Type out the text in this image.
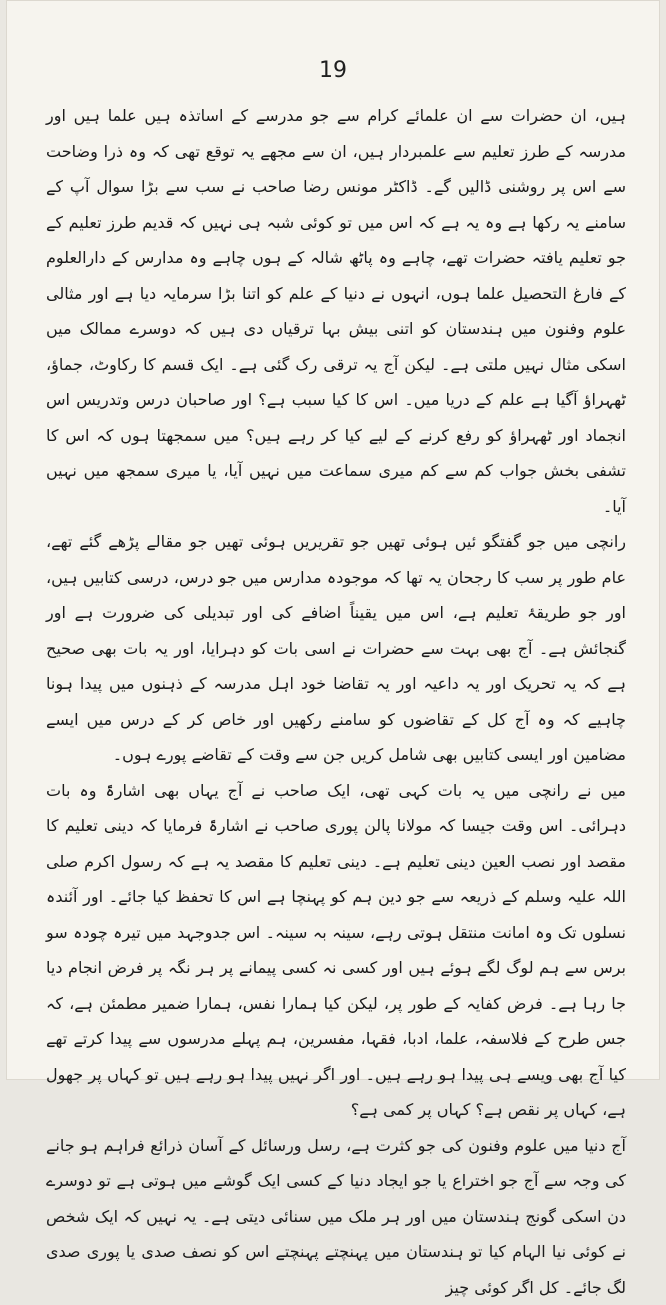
19

ہیں، ان حضرات سے ان علمائے کرام سے جو مدرسے کے اساتذہ ہیں علما ہیں اور مدرسہ کے طرز تعلیم سے علمبردار ہیں، ان سے مجھے یہ توقع تھی کہ وہ ذرا وضاحت سے اس پر روشنی ڈالیں گے۔ ڈاکٹر مونس رضا صاحب نے سب سے بڑا سوال آپ کے سامنے یہ رکھا ہے وہ یہ ہے کہ اس میں تو کوئی شبہ ہی نہیں کہ قدیم طرز تعلیم کے جو تعلیم یافتہ حضرات تھے، چاہے وہ پاٹھ شالہ کے ہوں چاہے وہ مدارس کے دارالعلوم کے فارغ التحصیل علما ہوں، انہوں نے دنیا کے علم کو اتنا بڑا سرمایہ دیا ہے اور مثالی علوم وفنون میں ہندستان کو اتنی بیش بہا ترقیاں دی ہیں کہ دوسرے ممالک میں اسکی مثال نہیں ملتی ہے۔ لیکن آج یہ ترقی رک گئی ہے۔ ایک قسم کا رکاوٹ، جماؤ، ٹھہراؤ آگیا ہے علم کے دریا میں۔ اس کا کیا سبب ہے؟ اور صاحبان درس وتدریس اس انجماد اور ٹھہراؤ کو رفع کرنے کے لیے کیا کر رہے ہیں؟ میں سمجھتا ہوں کہ اس کا تشفی بخش جواب کم سے کم میری سماعت میں نہیں آیا، یا میری سمجھ میں نہیں آیا۔

رانچی میں جو گفتگو ئیں ہوئی تھیں جو تقریریں ہوئی تھیں جو مقالے پڑھے گئے تھے، عام طور پر سب کا رجحان یہ تھا کہ موجودہ مدارس میں جو درس، درسی کتابیں ہیں، اور جو طریقۂ تعلیم ہے، اس میں یقیناً اضافے کی اور تبدیلی کی ضرورت ہے اور گنجائش ہے۔ آج بھی بہت سے حضرات نے اسی بات کو دہرایا، اور یہ بات بھی صحیح ہے کہ یہ تحریک اور یہ داعیہ اور یہ تقاضا خود اہل مدرسہ کے ذہنوں میں پیدا ہونا چاہیے کہ وہ آج کل کے تقاضوں کو سامنے رکھیں اور خاص کر کے درس میں ایسے مضامین اور ایسی کتابیں بھی شامل کریں جن سے وقت کے تقاضے پورے ہوں۔

میں نے رانچی میں یہ بات کہی تھی، ایک صاحب نے آج یہاں بھی اشارۃً وہ بات دہرائی۔ اس وقت جیسا کہ مولانا پالن پوری صاحب نے اشارۃً فرمایا کہ دینی تعلیم کا مقصد اور نصب العین دینی تعلیم ہے۔ دینی تعلیم کا مقصد یہ ہے کہ رسول اکرم صلی اللہ علیہ وسلم کے ذریعہ سے جو دین ہم کو پہنچا ہے اس کا تحفظ کیا جائے۔ اور آئندہ نسلوں تک وہ امانت منتقل ہوتی رہے، سینہ بہ سینہ۔ اس جدوجہد میں تیرہ چودہ سو برس سے ہم لوگ لگے ہوئے ہیں اور کسی نہ کسی پیمانے پر ہر نگہ پر فرض انجام دیا جا رہا ہے۔ فرض کفایہ کے طور پر، لیکن کیا ہمارا نفس، ہمارا ضمیر مطمئن ہے، کہ جس طرح کے فلاسفہ، علما، ادبا، فقہا، مفسرین، ہم پہلے مدرسوں سے پیدا کرتے تھے کیا آج بھی ویسے ہی پیدا ہو رہے ہیں۔ اور اگر نہیں پیدا ہو رہے ہیں تو کہاں پر جھول ہے، کہاں پر نقص ہے؟ کہاں پر کمی ہے؟

آج دنیا میں علوم وفنون کی جو کثرت ہے، رسل ورسائل کے آسان ذرائع فراہم ہو جانے کی وجہ سے آج جو اختراع یا جو ایجاد دنیا کے کسی ایک گوشے میں ہوتی ہے تو دوسرے دن اسکی گونج ہندستان میں اور ہر ملک میں سنائی دیتی ہے۔ یہ نہیں کہ ایک شخص نے کوئی نیا الہام کیا تو ہندستان میں پہنچتے پہنچتے اس کو نصف صدی یا پوری صدی لگ جائے۔ کل اگر کوئی چیز
